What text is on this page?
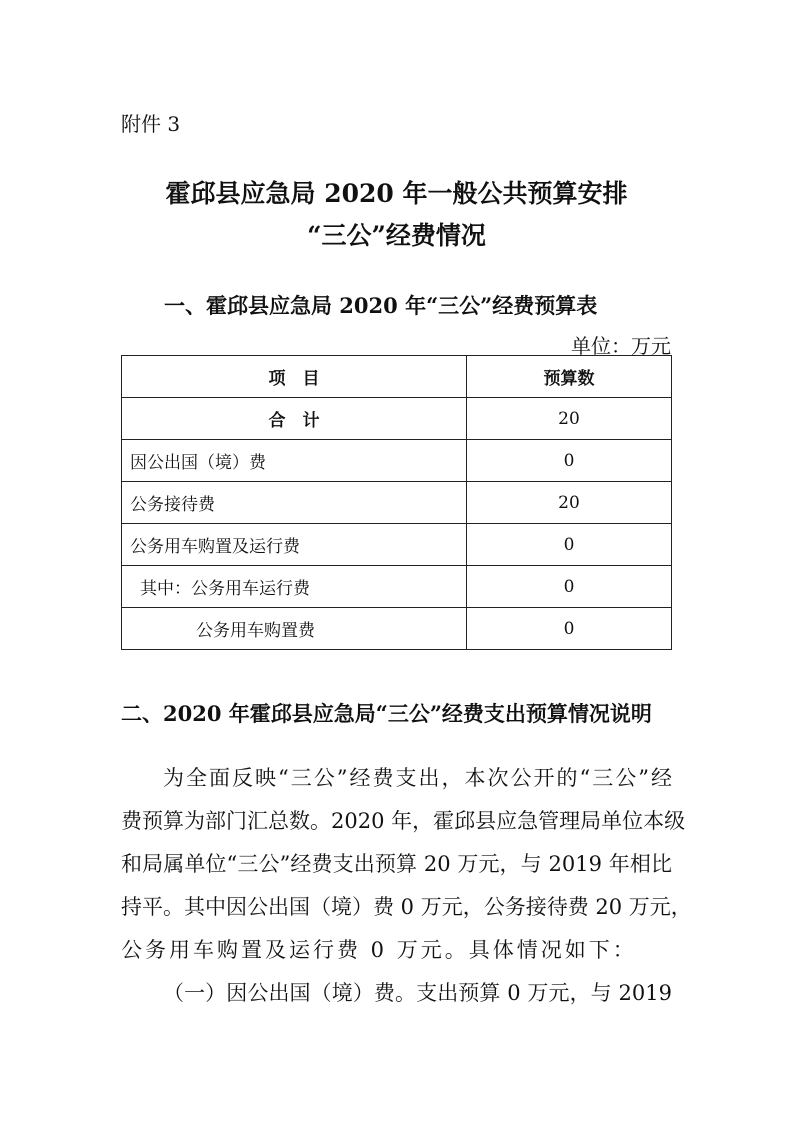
附件 3
霍邱县应急局 2020 年一般公共预算安排
“三公”经费情况
一、霍邱县应急局 2020 年“三公”经费预算表
单位：万元
项　目	预算数
合　计	20
因公出国（境）费	0
公务接待费	20
公务用车购置及运行费	0
其中：公务用车运行费	0
公务用车购置费	0
二、2020 年霍邱县应急局“三公”经费支出预算情况说明
为全面反映“三公”经费支出，本次公开的“三公”经
费预算为部门汇总数。2020 年，霍邱县应急管理局单位本级
和局属单位“三公”经费支出预算 20 万元，与 2019 年相比
持平。其中因公出国（境）费 0 万元，公务接待费 20 万元，
公务用车购置及运行费 0 万元。具体情况如下：
（一）因公出国（境）费。支出预算 0 万元，与 2019
